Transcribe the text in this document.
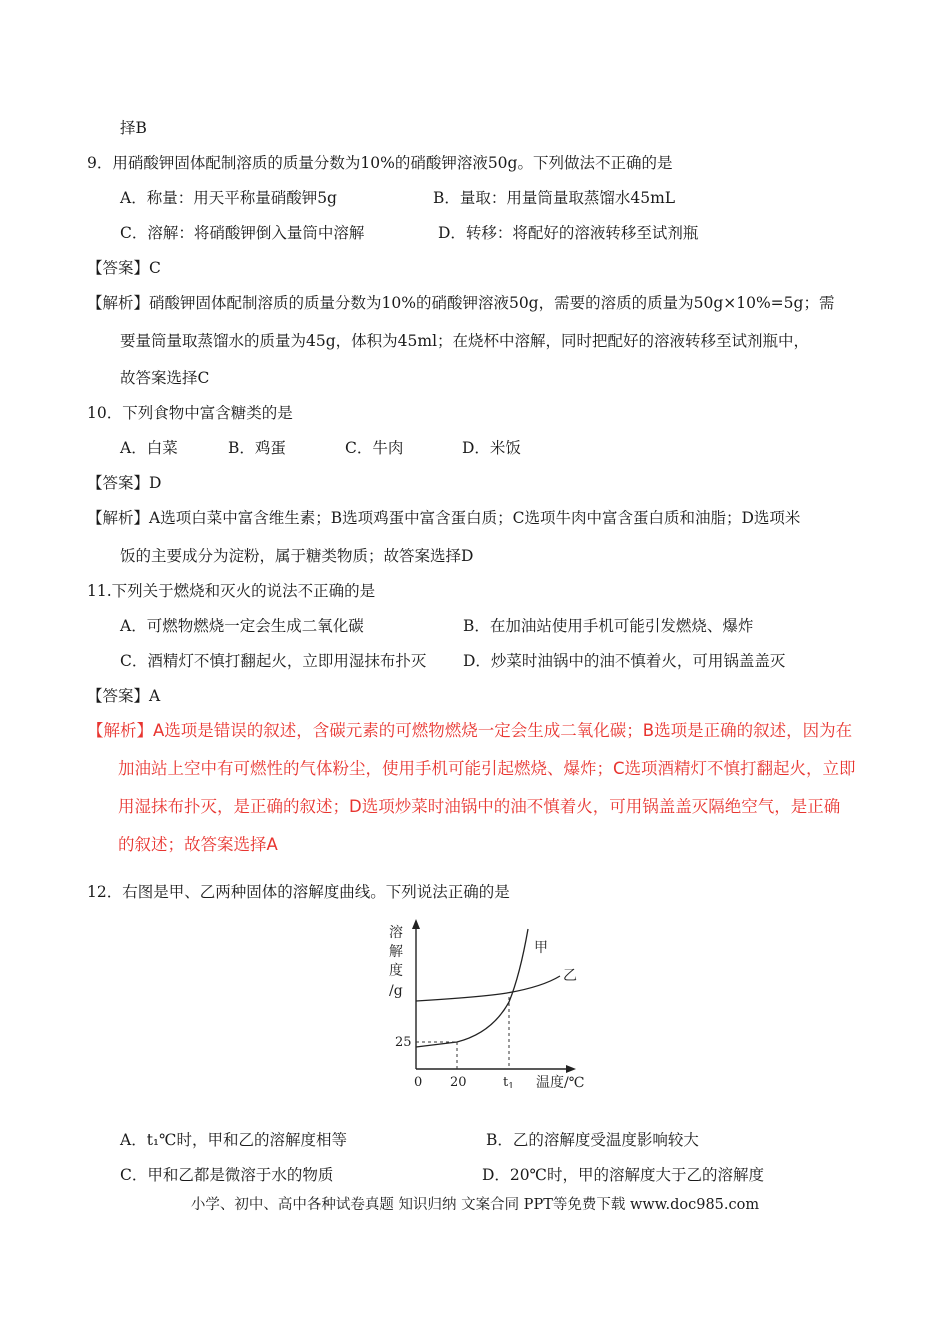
择B
9．用硝酸钾固体配制溶质的质量分数为10%的硝酸钾溶液50g。下列做法不正确的是
A．称量：用天平称量硝酸钾5g	B．量取：用量筒量取蒸馏水45mL
C．溶解：将硝酸钾倒入量筒中溶解	D．转移：将配好的溶液转移至试剂瓶
【答案】C
【解析】硝酸钾固体配制溶质的质量分数为10%的硝酸钾溶液50g，需要的溶质的质量为50g×10%=5g；需
要量筒量取蒸馏水的质量为45g，体积为45ml；在烧杯中溶解，同时把配好的溶液转移至试剂瓶中，
故答案选择C
10．下列食物中富含糖类的是
A．白菜	B．鸡蛋	C．牛肉	D．米饭
【答案】D
【解析】A选项白菜中富含维生素；B选项鸡蛋中富含蛋白质；C选项牛肉中富含蛋白质和油脂；D选项米
饭的主要成分为淀粉，属于糖类物质；故答案选择D
11.下列关于燃烧和灭火的说法不正确的是
A．可燃物燃烧一定会生成二氧化碳	B．在加油站使用手机可能引发燃烧、爆炸
C．酒精灯不慎打翻起火，立即用湿抹布扑灭 D．炒菜时油锅中的油不慎着火，可用锅盖盖灭
【答案】A
【解析】A选项是错误的叙述，含碳元素的可燃物燃烧一定会生成二氧化碳；B选项是正确的叙述，因为在
加油站上空中有可燃性的气体粉尘，使用手机可能引起燃烧、爆炸；C选项酒精灯不慎打翻起火，立即
用湿抹布扑灭，是正确的叙述；D选项炒菜时油锅中的油不慎着火，可用锅盖盖灭隔绝空气，是正确
的叙述；故答案选择A
12．右图是甲、乙两种固体的溶解度曲线。下列说法正确的是
溶
解
度
/g
25
0 20	$t_1$ 温度/℃
甲
乙
A．t₁℃时，甲和乙的溶解度相等	B．乙的溶解度受温度影响较大
C．甲和乙都是微溶于水的物质	D．20℃时，甲的溶解度大于乙的溶解度
小学、初中、高中各种试卷真题 知识归纳 文案合同 PPT等免费下载 www.doc985.com
